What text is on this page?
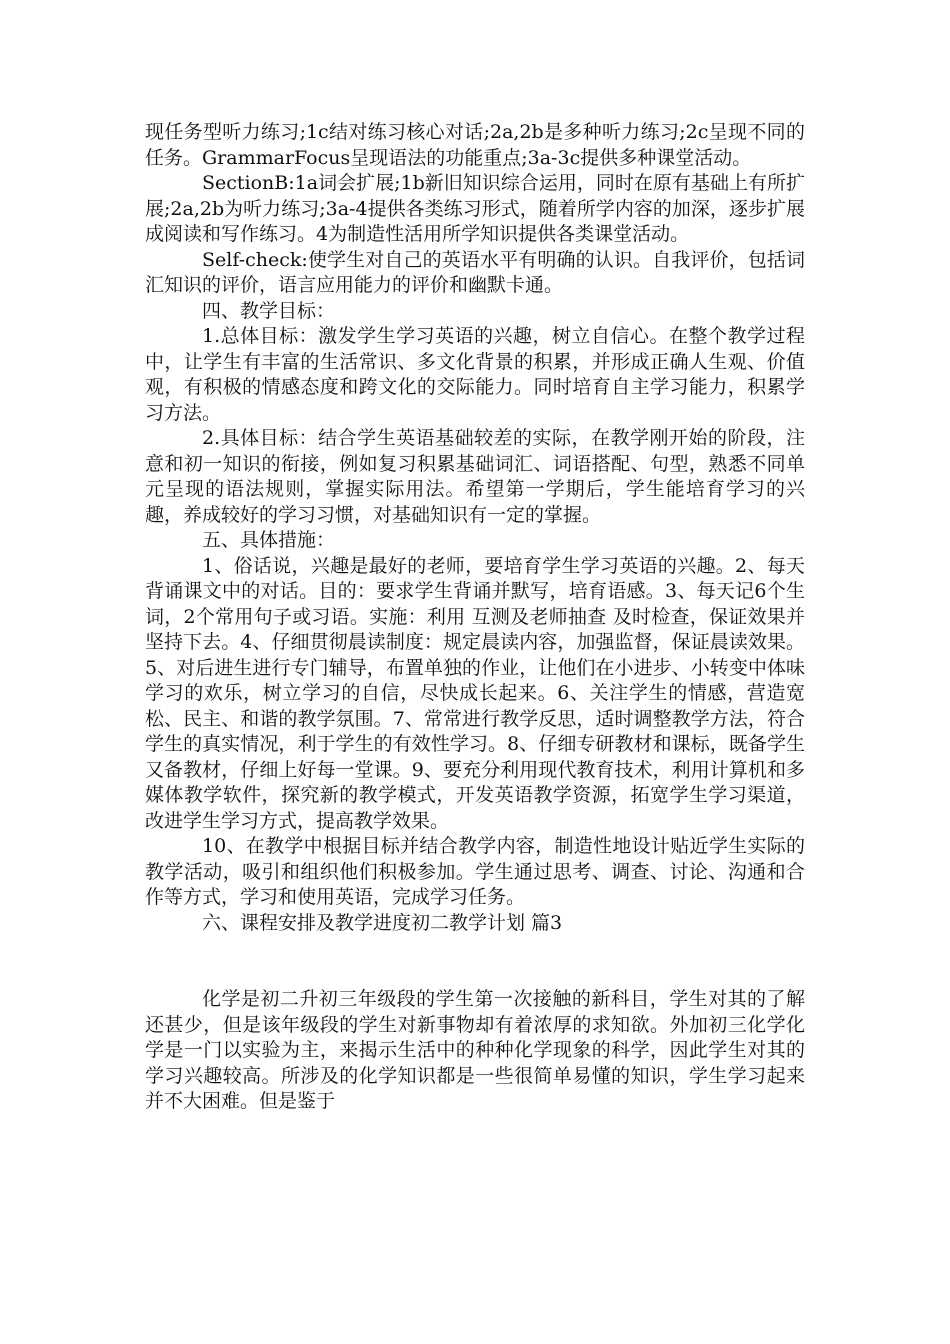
现任务型听力练习;1c结对练习核心对话;2a,2b是多种听力练习;2c呈现不同的任务。GrammarFocus呈现语法的功能重点;3a-3c提供多种课堂活动。

SectionB:1a词会扩展;1b新旧知识综合运用，同时在原有基础上有所扩展;2a,2b为听力练习;3a-4提供各类练习形式，随着所学内容的加深，逐步扩展成阅读和写作练习。4为制造性活用所学知识提供各类课堂活动。

Self-check:使学生对自己的英语水平有明确的认识。自我评价，包括词汇知识的评价，语言应用能力的评价和幽默卡通。

四、教学目标：

1.总体目标：激发学生学习英语的兴趣，树立自信心。在整个教学过程中，让学生有丰富的生活常识、多文化背景的积累，并形成正确人生观、价值观，有积极的情感态度和跨文化的交际能力。同时培育自主学习能力，积累学习方法。

2.具体目标：结合学生英语基础较差的实际，在教学刚开始的阶段，注意和初一知识的衔接，例如复习积累基础词汇、词语搭配、句型，熟悉不同单元呈现的语法规则，掌握实际用法。希望第一学期后，学生能培育学习的兴趣，养成较好的学习习惯，对基础知识有一定的掌握。

五、具体措施：

1、俗话说，兴趣是最好的老师，要培育学生学习英语的兴趣。2、每天背诵课文中的对话。目的：要求学生背诵并默写，培育语感。3、每天记6个生词，2个常用句子或习语。实施：利用 互测及老师抽查 及时检查，保证效果并坚持下去。4、仔细贯彻晨读制度：规定晨读内容，加强监督，保证晨读效果。5、对后进生进行专门辅导，布置单独的作业，让他们在小进步、小转变中体味学习的欢乐，树立学习的自信，尽快成长起来。6、关注学生的情感，营造宽松、民主、和谐的教学氛围。7、常常进行教学反思，适时调整教学方法，符合学生的真实情况，利于学生的有效性学习。8、仔细专研教材和课标，既备学生又备教材，仔细上好每一堂课。9、要充分利用现代教育技术，利用计算机和多媒体教学软件，探究新的教学模式，开发英语教学资源，拓宽学生学习渠道，改进学生学习方式，提高教学效果。

10、在教学中根据目标并结合教学内容，制造性地设计贴近学生实际的教学活动，吸引和组织他们积极参加。学生通过思考、调查、讨论、沟通和合作等方式，学习和使用英语，完成学习任务。

六、课程安排及教学进度初二教学计划 篇3

化学是初二升初三年级段的学生第一次接触的新科目，学生对其的了解还甚少，但是该年级段的学生对新事物却有着浓厚的求知欲。外加初三化学化学是一门以实验为主，来揭示生活中的种种化学现象的科学，因此学生对其的学习兴趣较高。所涉及的化学知识都是一些很简单易懂的知识，学生学习起来并不大困难。但是鉴于
